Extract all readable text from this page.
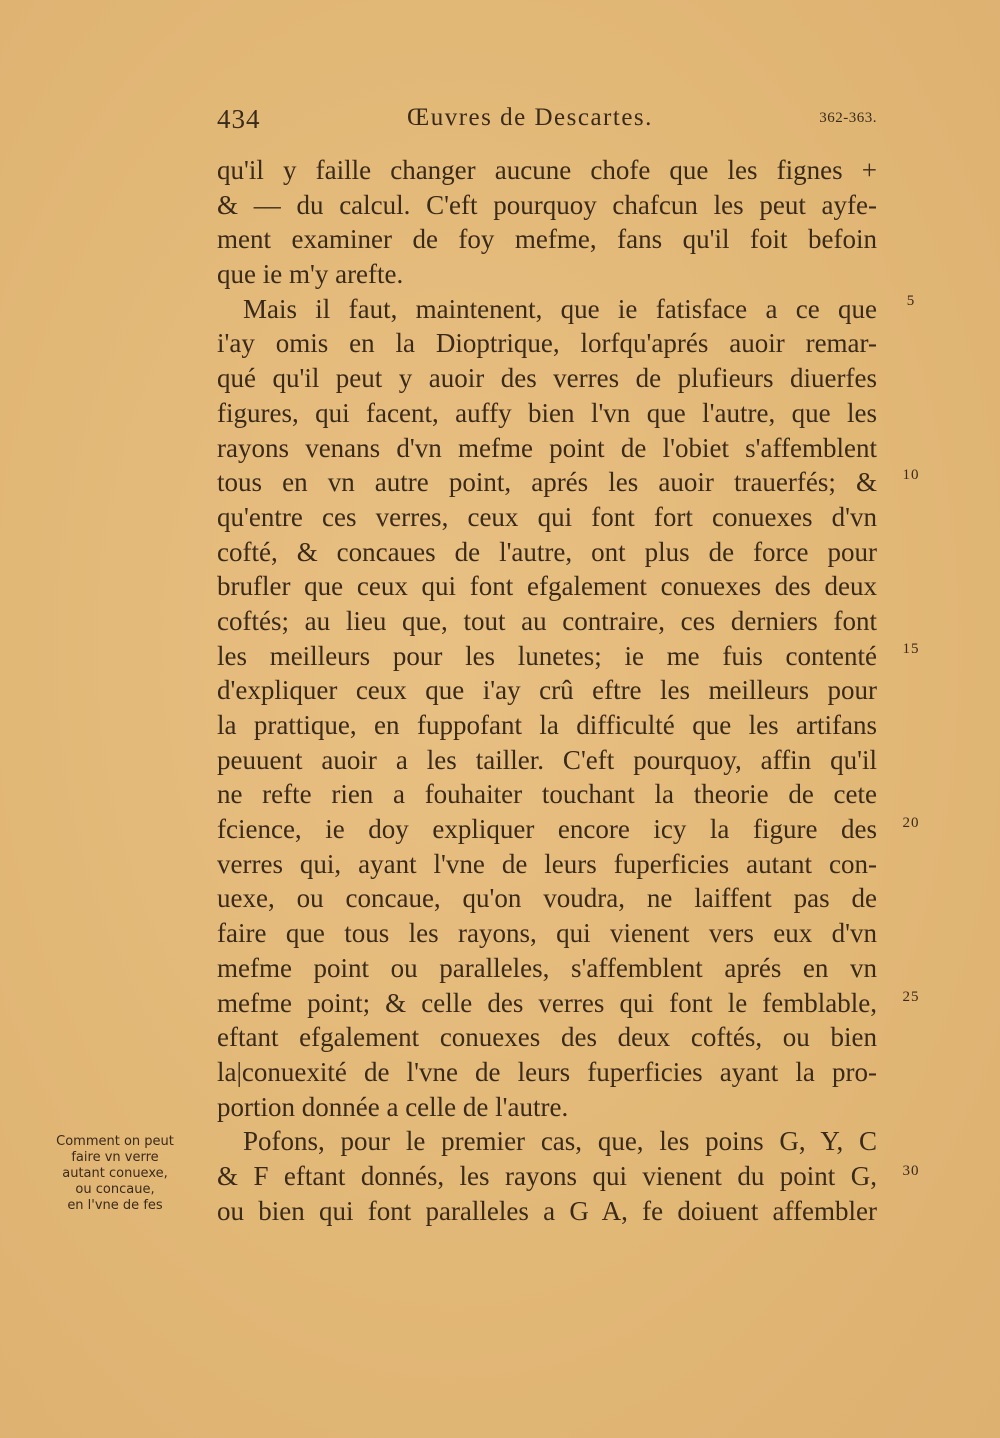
434	Œuvres de Descartes.	362-363.
qu'il y faille changer aucune chofe que les fignes +
& — du calcul. C'eft pourquoy chafcun les peut ayfe-
ment examiner de foy mefme, fans qu'il foit befoin
que ie m'y arefte.
Mais il faut, maintenent, que ie fatisface a ce que
i'ay omis en la Dioptrique, lorfqu'aprés auoir remar-
qué qu'il peut y auoir des verres de plufieurs diuerfes
figures, qui facent, auffy bien l'vn que l'autre, que les
rayons venans d'vn mefme point de l'obiet s'affemblent
tous en vn autre point, aprés les auoir trauerfés; &
qu'entre ces verres, ceux qui font fort conuexes d'vn
cofté, & concaues de l'autre, ont plus de force pour
brufler que ceux qui font efgalement conuexes des deux
coftés; au lieu que, tout au contraire, ces derniers font
les meilleurs pour les lunetes; ie me fuis contenté
d'expliquer ceux que i'ay crû eftre les meilleurs pour
la prattique, en fuppofant la difficulté que les artifans
peuuent auoir a les tailler. C'eft pourquoy, affin qu'il
ne refte rien a fouhaiter touchant la theorie de cete
fcience, ie doy expliquer encore icy la figure des
verres qui, ayant l'vne de leurs fuperficies autant con-
uexe, ou concaue, qu'on voudra, ne laiffent pas de
faire que tous les rayons, qui vienent vers eux d'vn
mefme point ou paralleles, s'affemblent aprés en vn
mefme point; & celle des verres qui font le femblable,
eftant efgalement conuexes des deux coftés, ou bien
la|conuexité de l'vne de leurs fuperficies ayant la pro-
portion donnée a celle de l'autre.
Pofons, pour le premier cas, que, les poins G, Y, C
& F eftant donnés, les rayons qui vienent du point G,
ou bien qui font paralleles a G A, fe doiuent affembler
5
10
15
20
25
30
Comment on peut
faire vn verre
autant conuexe,
ou concaue,
en l'vne de fes
